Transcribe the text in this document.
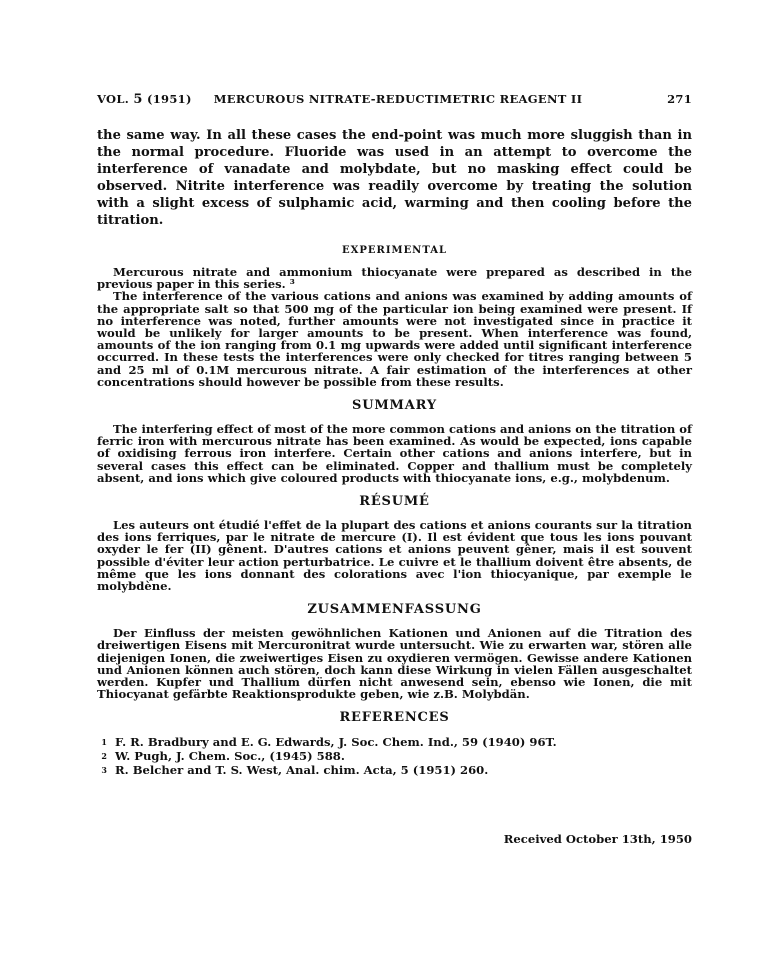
VOL. 5 (1951) MERCUROUS NITRATE-REDUCTIMETRIC REAGENT II	271

the same way. In all these cases the end-point was much more sluggish than in the normal procedure. Fluoride was used in an attempt to overcome the interference of vanadate and molybdate, but no masking effect could be observed. Nitrite interference was readily overcome by treating the solution with a slight excess of sulphamic acid, warming and then cooling before the titration.

EXPERIMENTAL

Mercurous nitrate and ammonium thiocyanate were prepared as described in the previous paper in this series. ³

The interference of the various cations and anions was examined by adding amounts of the appropriate salt so that 500 mg of the particular ion being examined were present. If no interference was noted, further amounts were not investigated since in practice it would be unlikely for larger amounts to be present. When interference was found, amounts of the ion ranging from 0.1 mg upwards were added until significant interference occurred. In these tests the interferences were only checked for titres ranging between 5 and 25 ml of 0.1M mercurous nitrate. A fair estimation of the interferences at other concentrations should however be possible from these results.

SUMMARY

The interfering effect of most of the more common cations and anions on the titration of ferric iron with mercurous nitrate has been examined. As would be expected, ions capable of oxidising ferrous iron interfere. Certain other cations and anions interfere, but in several cases this effect can be eliminated. Copper and thallium must be completely absent, and ions which give coloured products with thiocyanate ions, e.g., molybdenum.

RÉSUMÉ

Les auteurs ont étudié l'effet de la plupart des cations et anions courants sur la titration des ions ferriques, par le nitrate de mercure (I). Il est évident que tous les ions pouvant oxyder le fer (II) gênent. D'autres cations et anions peuvent gêner, mais il est souvent possible d'éviter leur action perturbatrice. Le cuivre et le thallium doivent être absents, de même que les ions donnant des colorations avec l'ion thiocyanique, par exemple le molybdène.

ZUSAMMENFASSUNG

Der Einfluss der meisten gewöhnlichen Kationen und Anionen auf die Titration des dreiwertigen Eisens mit Mercuronitrat wurde untersucht. Wie zu erwarten war, stören alle diejenigen Ionen, die zweiwertiges Eisen zu oxydieren vermögen. Gewisse andere Kationen und Anionen können auch stören, doch kann diese Wirkung in vielen Fällen ausgeschaltet werden. Kupfer und Thallium dürfen nicht anwesend sein, ebenso wie Ionen, die mit Thiocyanat gefärbte Reaktionsprodukte geben, wie z.B. Molybdän.

REFERENCES
1 F. R. Bradbury and E. G. Edwards, J. Soc. Chem. Ind., 59 (1940) 96T.
2 W. Pugh, J. Chem. Soc., (1945) 588.
3 R. Belcher and T. S. West, Anal. chim. Acta, 5 (1951) 260.
Received October 13th, 1950
